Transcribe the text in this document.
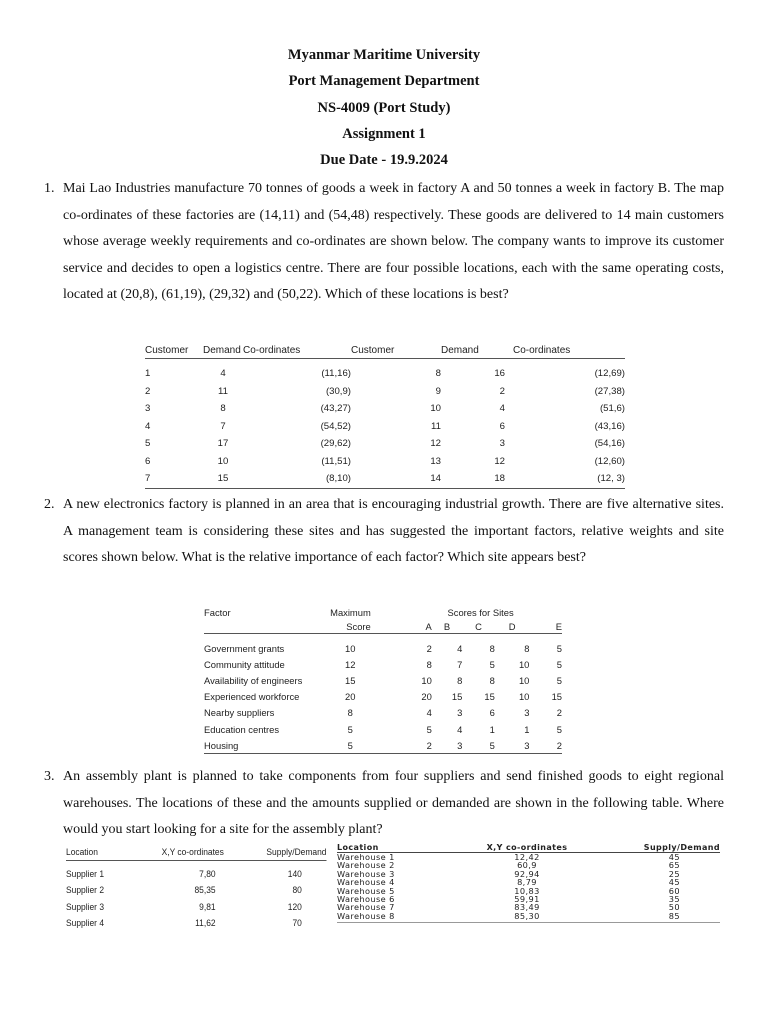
Myanmar Maritime University
Port Management Department
NS-4009 (Port Study)
Assignment 1
Due Date - 19.9.2024
1. Mai Lao Industries manufacture 70 tonnes of goods a week in factory A and 50 tonnes a week in factory B. The map co-ordinates of these factories are (14,11) and (54,48) respectively. These goods are delivered to 14 main customers whose average weekly requirements and co-ordinates are shown below. The company wants to improve its customer service and decides to open a logistics centre. There are four possible locations, each with the same operating costs, located at (20,8), (61,19), (29,32) and (50,22). Which of these locations is best?
Customer	Demand	Co-ordinates	Customer	Demand	Co-ordinates

1	4	(11,16)	8	16	(12,69)
2	11	(30,9)	9	2	(27,38)
3	8	(43,27)	10	4	(51,6)
4	7	(54,52)	11	6	(43,16)
5	17	(29,62)	12	3	(54,16)
6	10	(11,51)	13	12	(12,60)
7	15	(8,10)	14	18	(12, 3)
2. A new electronics factory is planned in an area that is encouraging industrial growth. There are five alternative sites. A management team is considering these sites and has suggested the important factors, relative weights and site scores shown below. What is the relative importance of each factor? Which site appears best?
Factor	Maximum		Scores for Sites			
	Score	A	B	C	D	E

Government grants	10	2	4	8	8	5
Community attitude	12	8	7	5	10	5
Availability of engineers	15	10	8	8	10	5
Experienced workforce	20	20	15	15	10	15
Nearby suppliers	8	4	3	6	3	2
Education centres	5	5	4	1	1	5
Housing	5	2	3	5	3	2
3. An assembly plant is planned to take components from four suppliers and send finished goods to eight regional warehouses. The locations of these and the amounts supplied or demanded are shown in the following table. Where would you start looking for a site for the assembly plant?
Location	X,Y co-ordinates	Supply/Demand

Supplier 1	7,80	140
Supplier 2	85,35	80
Supplier 3	9,81	120
Supplier 4	11,62	70
Location	X,Y co-ordinates	Supply/Demand
Warehouse 1	12,42	45
Warehouse 2	60,9	65
Warehouse 3	92,94	25
Warehouse 4	8,79	45
Warehouse 5	10,83	60
Warehouse 6	59,91	35
Warehouse 7	83,49	50
Warehouse 8	85,30	85
